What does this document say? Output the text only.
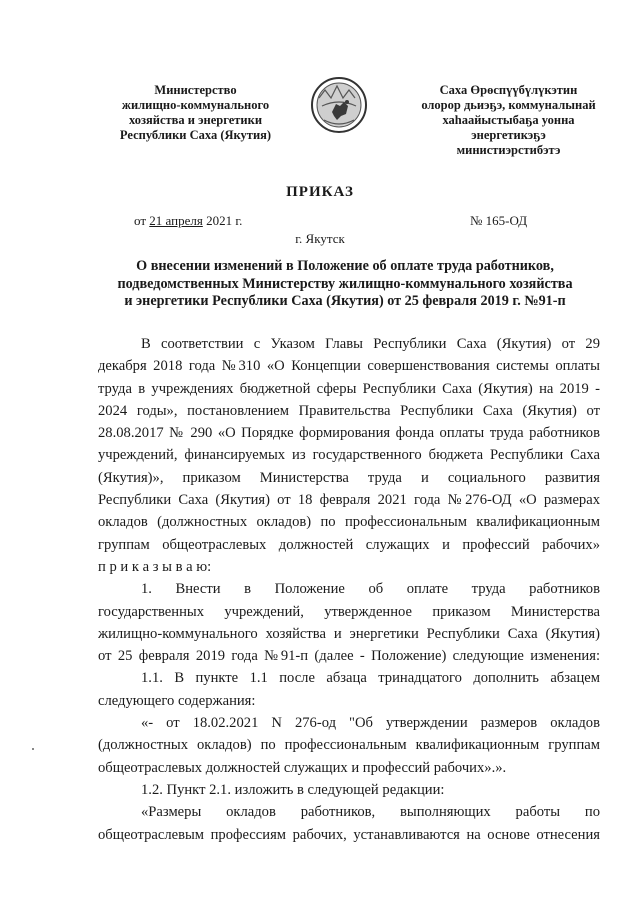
Министерство
жилищно-коммунального
хозяйства и энергетики
Республики Саха (Якутия)
Саха Өрөспүүбүлүкэтин
олорор дьиэҕэ, коммуналынай
хаһаайыстыбаҕа уонна
энергетикэҕэ
министиэрстибэтэ
ПРИКАЗ
от 21 апреля 2021 г.	№ 165-ОД
г. Якутск
О внесении изменений в Положение об оплате труда работников,
подведомственных Министерству жилищно-коммунального хозяйства
и энергетики Республики Саха (Якутия) от 25 февраля 2019 г. №91-п
В соответствии с Указом Главы Республики Саха (Якутия) от 29
декабря 2018 года №310 «О Концепции совершенствования системы оплаты
труда в учреждениях бюджетной сферы Республики Саха (Якутия) на 2019 -
2024 годы», постановлением Правительства Республики Саха (Якутия) от
28.08.2017 № 290 «О Порядке формирования фонда оплаты труда работников
учреждений, финансируемых из государственного бюджета Республики Саха
(Якутия)», приказом Министерства труда и социального развития
Республики Саха (Якутия) от 18 февраля 2021 года №276-ОД «О размерах
окладов (должностных окладов) по профессиональным квалификационным
группам общеотраслевых должностей служащих и профессий рабочих»
п р и к а з ы в а ю:
1. Внести в Положение об оплате труда работников
государственных учреждений, утвержденное приказом Министерства
жилищно-коммунального хозяйства и энергетики Республики Саха (Якутия)
от 25 февраля 2019 года №91-п (далее - Положение) следующие изменения:
1.1. В пункте 1.1 после абзаца тринадцатого дополнить абзацем
следующего содержания:
«- от 18.02.2021 N 276-од "Об утверждении размеров окладов
(должностных окладов) по профессиональным квалификационным группам
общеотраслевых должностей служащих и профессий рабочих».».
1.2. Пункт 2.1. изложить в следующей редакции:
«Размеры окладов работников, выполняющих работы по
общеотраслевым профессиям рабочих, устанавливаются на основе отнесения
